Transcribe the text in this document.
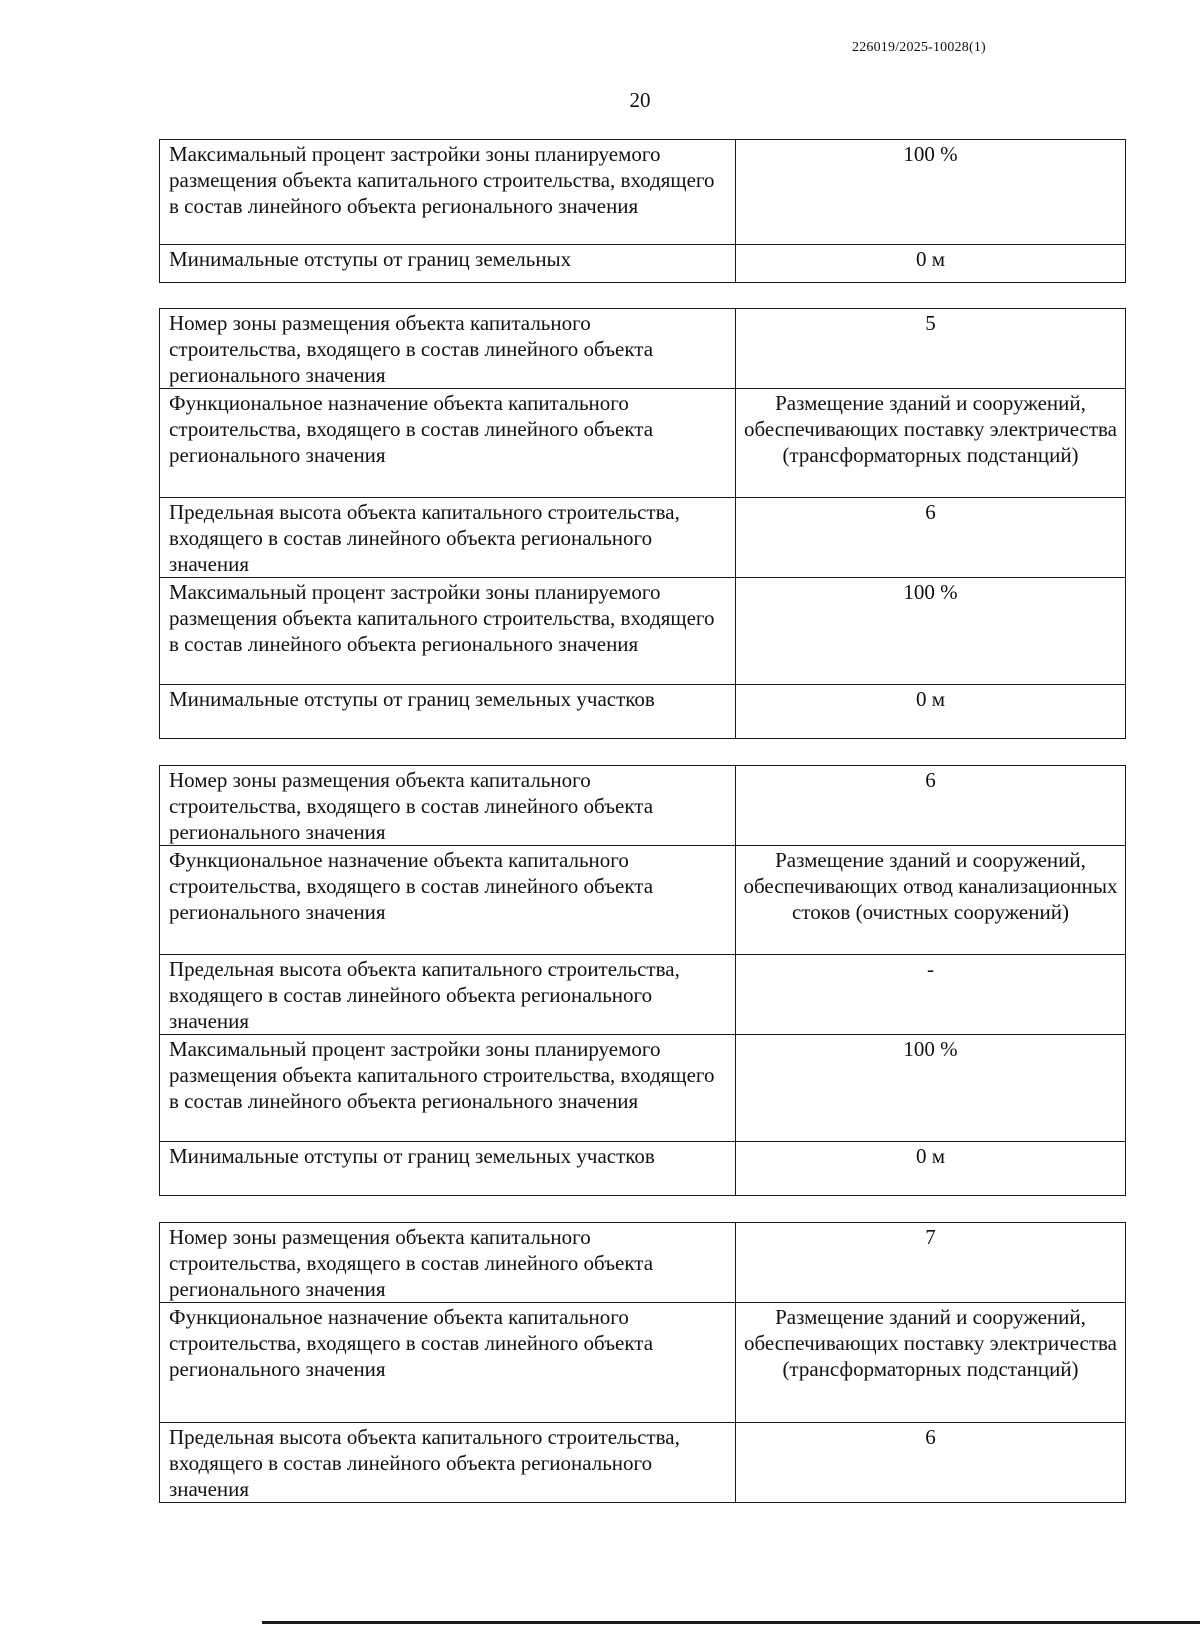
226019/2025-10028(1)
20
Максимальный процент застройки зоны планируемого размещения объекта капитального строительства, входящего в состав линейного объекта регионального значения	100 %
Минимальные отступы от границ земельных	0 м
Номер зоны размещения объекта капитального строительства, входящего в состав линейного объекта регионального значения	5
Функциональное назначение объекта капитального строительства, входящего в состав линейного объекта регионального значения	Размещение зданий и сооружений, обеспечивающих поставку электричества (трансформаторных подстанций)
Предельная высота объекта капитального строительства, входящего в состав линейного объекта регионального значения	6
Максимальный процент застройки зоны планируемого размещения объекта капитального строительства, входящего в состав линейного объекта регионального значения	100 %
Минимальные отступы от границ земельных участков	0 м
Номер зоны размещения объекта капитального строительства, входящего в состав линейного объекта регионального значения	6
Функциональное назначение объекта капитального строительства, входящего в состав линейного объекта регионального значения	Размещение зданий и сооружений, обеспечивающих отвод канализационных стоков (очистных сооружений)
Предельная высота объекта капитального строительства, входящего в состав линейного объекта регионального значения	-
Максимальный процент застройки зоны планируемого размещения объекта капитального строительства, входящего в состав линейного объекта регионального значения	100 %
Минимальные отступы от границ земельных участков	0 м
Номер зоны размещения объекта капитального строительства, входящего в состав линейного объекта регионального значения	7
Функциональное назначение объекта капитального строительства, входящего в состав линейного объекта регионального значения	Размещение зданий и сооружений, обеспечивающих поставку электричества (трансформаторных подстанций)
Предельная высота объекта капитального строительства, входящего в состав линейного объекта регионального значения	6
